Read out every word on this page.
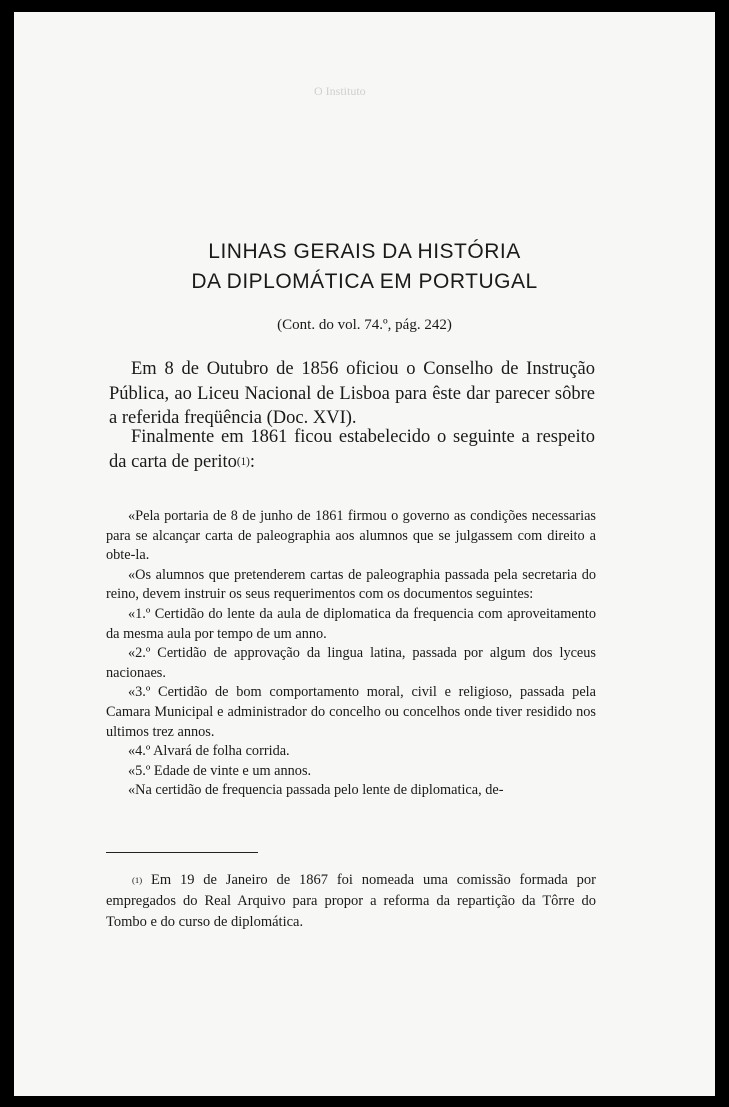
O Instituto
LINHAS GERAIS DA HISTÓRIA
DA DIPLOMÁTICA EM PORTUGAL
(Cont. do vol. 74.º, pág. 242)
Em 8 de Outubro de 1856 oficiou o Conselho de Instrução Pública, ao Liceu Nacional de Lisboa para êste dar parecer sôbre a referida freqüência (Doc. XVI).
Finalmente em 1861 ficou estabelecido o seguinte a respeito da carta de perito$^{(1)}$:

«Pela portaria de 8 de junho de 1861 firmou o governo as condições necessarias para se alcançar carta de paleographia aos alumnos que se julgassem com direito a obte-la.

«Os alumnos que pretenderem cartas de paleographia passada pela secretaria do reino, devem instruir os seus requerimentos com os documentos seguintes:

«1.º Certidão do lente da aula de diplomatica da frequencia com aproveitamento da mesma aula por tempo de um anno.

«2.º Certidão de approvação da lingua latina, passada por algum dos lyceus nacionaes.

«3.º Certidão de bom comportamento moral, civil e religioso, passada pela Camara Municipal e administrador do concelho ou concelhos onde tiver residido nos ultimos trez annos.

«4.º Alvará de folha corrida.

«5.º Edade de vinte e um annos.

«Na certidão de frequencia passada pelo lente de diplomatica, de-

$^{(1)}$ Em 19 de Janeiro de 1867 foi nomeada uma comissão formada por empregados do Real Arquivo para propor a reforma da repartição da Tôrre do Tombo e do curso de diplomática.
